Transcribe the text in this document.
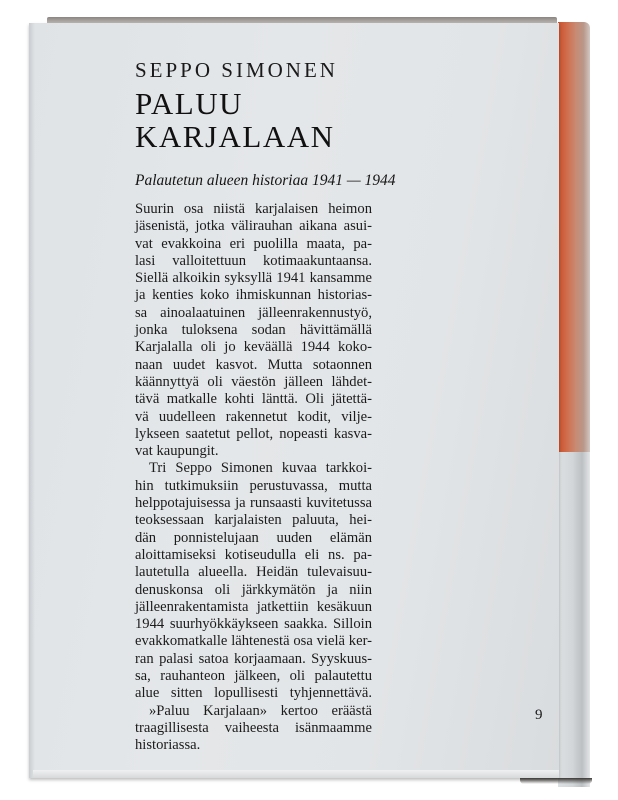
SEPPO SIMONEN
PALUU
KARJALAAN
Palautetun alueen historiaa 1941 — 1944
Suurin osa niistä karjalaisen heimon
jäsenistä, jotka välirauhan aikana asui-
vat evakkoina eri puolilla maata, pa-
lasi valloitettuun kotimaakuntaansa.
Siellä alkoikin syksyllä 1941 kansamme
ja kenties koko ihmiskunnan historias-
sa ainoalaatuinen jälleenrakennustyö,
jonka tuloksena sodan hävittämällä
Karjalalla oli jo keväällä 1944 koko-
naan uudet kasvot. Mutta sotaonnen
käännyttyä oli väestön jälleen lähdet-
tävä matkalle kohti länttä. Oli jätettä-
vä uudelleen rakennetut kodit, vilje-
lykseen saatetut pellot, nopeasti kasva-
vat kaupungit.
Tri Seppo Simonen kuvaa tarkkoi-
hin tutkimuksiin perustuvassa, mutta
helppotajuisessa ja runsaasti kuvitetussa
teoksessaan karjalaisten paluuta, hei-
dän ponnistelujaan uuden elämän
aloittamiseksi kotiseudulla eli ns. pa-
lautetulla alueella. Heidän tulevaisuu-
denuskonsa oli järkkymätön ja niin
jälleenrakentamista jatkettiin kesäkuun
1944 suurhyökkäykseen saakka. Silloin
evakkomatkalle lähtenestä osa vielä ker-
ran palasi satoa korjaamaan. Syyskuus-
sa, rauhanteon jälkeen, oli palautettu
alue sitten lopullisesti tyhjennettävä.
»Paluu Karjalaan» kertoo eräästä
traagillisesta vaiheesta isänmaamme
historiassa.
9
